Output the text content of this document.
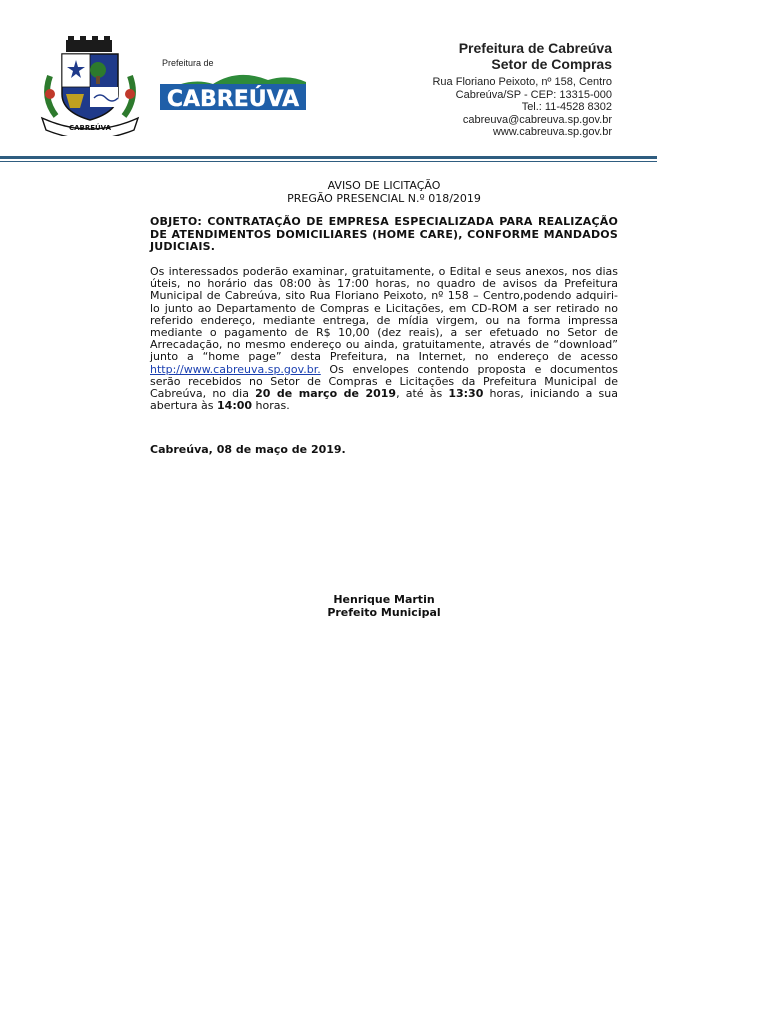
CABREÚVA
CABREÚVA
Prefeitura de
Prefeitura de Cabreúva
Setor de Compras
Rua Floriano Peixoto, nº 158, Centro
Cabreúva/SP - CEP: 13315-000
Tel.: 11-4528 8302
cabreuva@cabreuva.sp.gov.br
www.cabreuva.sp.gov.br
AVISO DE LICITAÇÃO
PREGÃO PRESENCIAL N.º 018/2019
OBJETO: CONTRATAÇÃO DE EMPRESA ESPECIALIZADA PARA REALIZAÇÃO DE ATENDIMENTOS DOMICILIARES (HOME CARE), CONFORME MANDADOS JUDICIAIS.
Os interessados poderão examinar, gratuitamente, o Edital e seus anexos, nos dias úteis, no horário das 08:00 às 17:00 horas, no quadro de avisos da Prefeitura Municipal de Cabreúva, sito Rua Floriano Peixoto, nº 158 – Centro,podendo adquiri-lo junto ao Departamento de Compras e Licitações, em CD-ROM a ser retirado no referido endereço, mediante entrega, de mídia virgem, ou na forma impressa mediante o pagamento de R$ 10,00 (dez reais), a ser efetuado no Setor de Arrecadação, no mesmo endereço ou ainda, gratuitamente, através de “download” junto a “home page” desta Prefeitura, na Internet, no endereço de acesso http://www.cabreuva.sp.gov.br. Os envelopes contendo proposta e documentos serão recebidos no Setor de Compras e Licitações da Prefeitura Municipal de Cabreúva, no dia 20 de março de 2019, até às 13:30 horas, iniciando a sua abertura às 14:00 horas.
Cabreúva, 08 de maço de 2019.
Henrique Martin
Prefeito Municipal
